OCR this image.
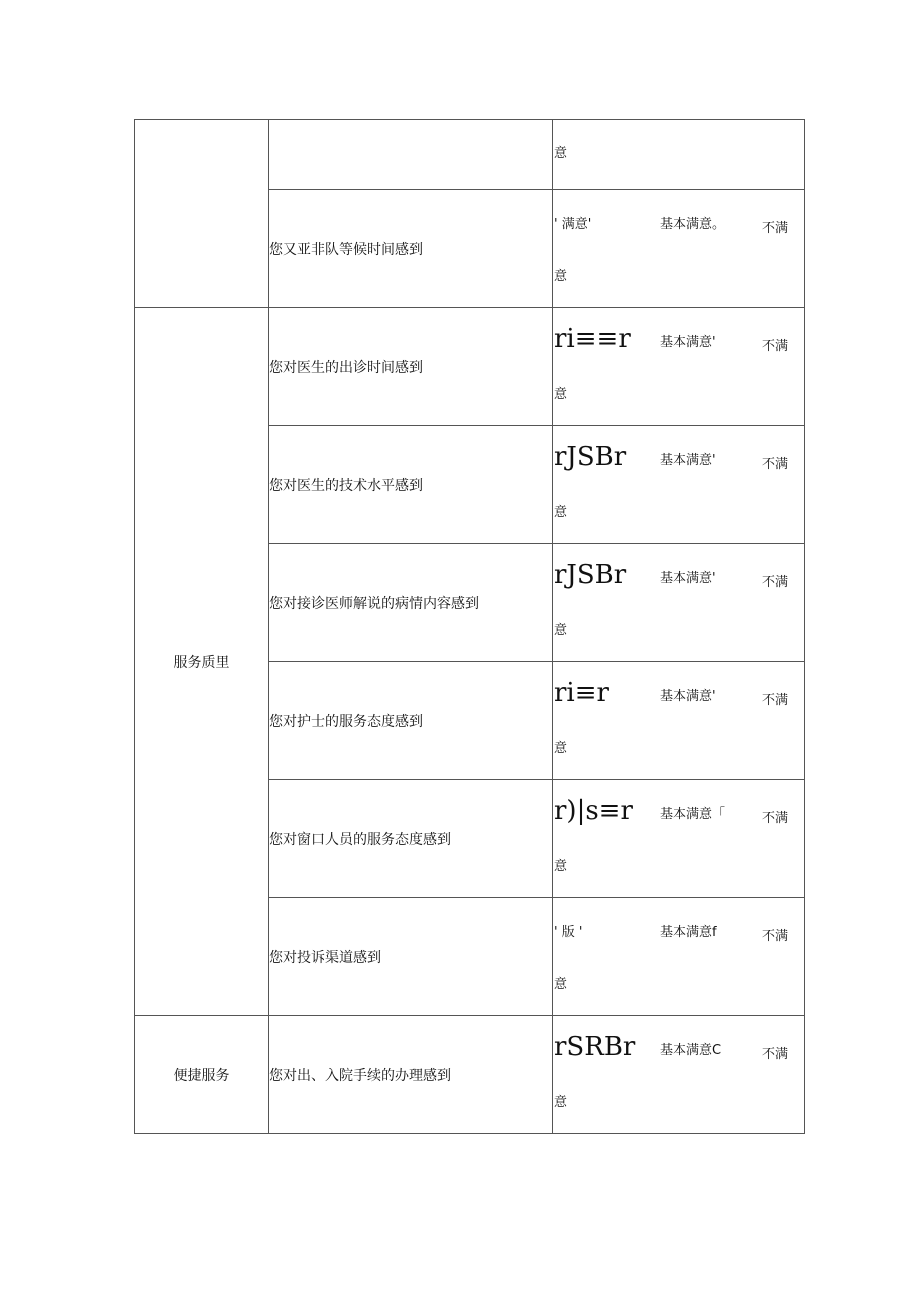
		意

	您又亚非队等候时间感到	' 满意' 基本满意。 不满
意

服务质里	您对医生的出诊时间感到	ri≡≡r 基本满意' 不满
意

	您对医生的技术水平感到	rJSBr 基本满意' 不满
意

	您对接诊医师解说的病情内容感到	rJSBr 基本满意' 不满
意

	您对护士的服务态度感到	ri≡r 基本满意' 不满
意

	您对窗口人员的服务态度感到	r)|s≡r 基本满意「 不满
意

	您对投诉渠道感到	' 版 ' 基本满意f 不满
意

便捷服务	您对出、入院手续的办理感到	rSRBr 基本满意C 不满
意
